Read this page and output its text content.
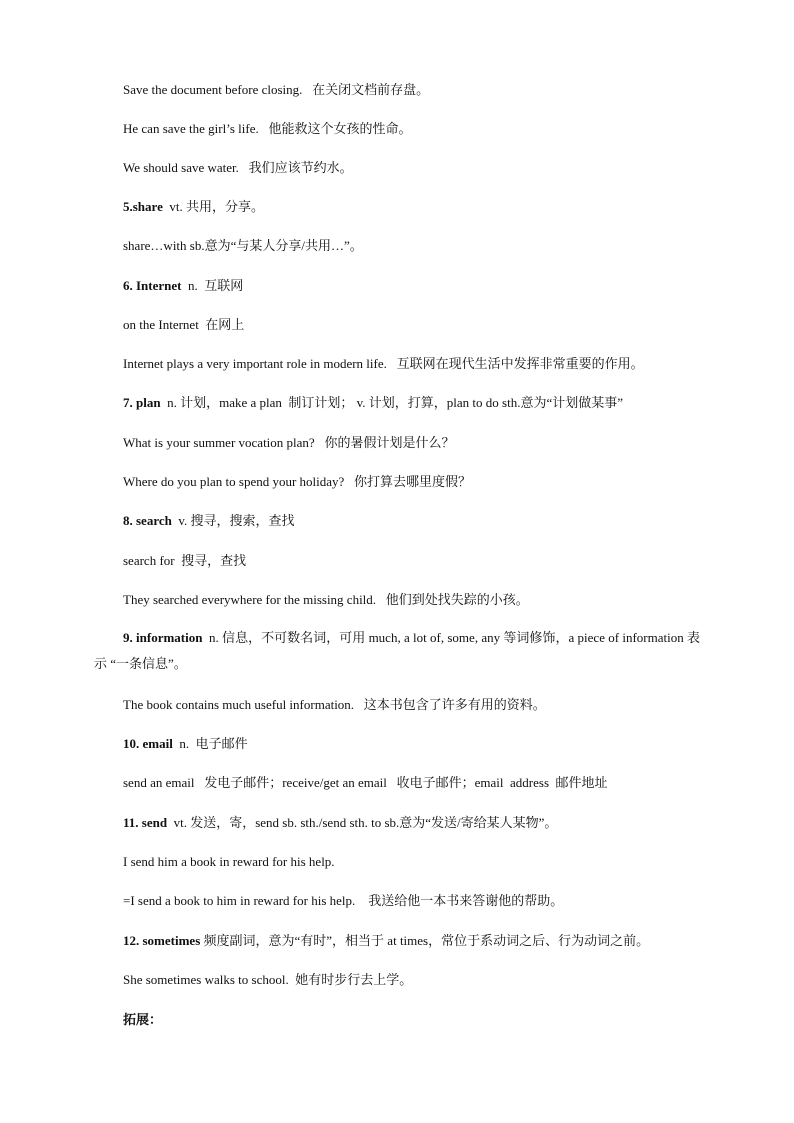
Save the document before closing.   在关闭文档前存盘。

He can save the girl’s life.   他能救这个女孩的性命。

We should save water.   我们应该节约水。

5.share  vt. 共用，分享。

share…with sb.意为“与某人分享/共用…”。

6. Internet  n.  互联网

on the Internet  在网上

Internet plays a very important role in modern life.   互联网在现代生活中发挥非常重要的作用。

7. plan  n. 计划，make a plan  制订计划； v. 计划，打算，plan to do sth.意为“计划做某事”

What is your summer vocation plan?   你的暑假计划是什么？

Where do you plan to spend your holiday?   你打算去哪里度假？

8. search  v. 搜寻，搜索，查找

search for  搜寻，查找

They searched everywhere for the missing child.   他们到处找失踪的小孩。

9. information  n. 信息，不可数名词，可用 much, a lot of, some, any 等词修饰，a piece of information 表示 “一条信息”。

The book contains much useful information.   这本书包含了许多有用的资料。

10. email  n.  电子邮件

send an email   发电子邮件；receive/get an email   收电子邮件；email  address  邮件地址

11. send  vt. 发送，寄，send sb. sth./send sth. to sb.意为“发送/寄给某人某物”。

I send him a book in reward for his help.

=I send a book to him in reward for his help.    我送给他一本书来答谢他的帮助。

12. sometimes 频度副词，意为“有时”，相当于 at times，常位于系动词之后、行为动词之前。

She sometimes walks to school.  她有时步行去上学。

拓展：
